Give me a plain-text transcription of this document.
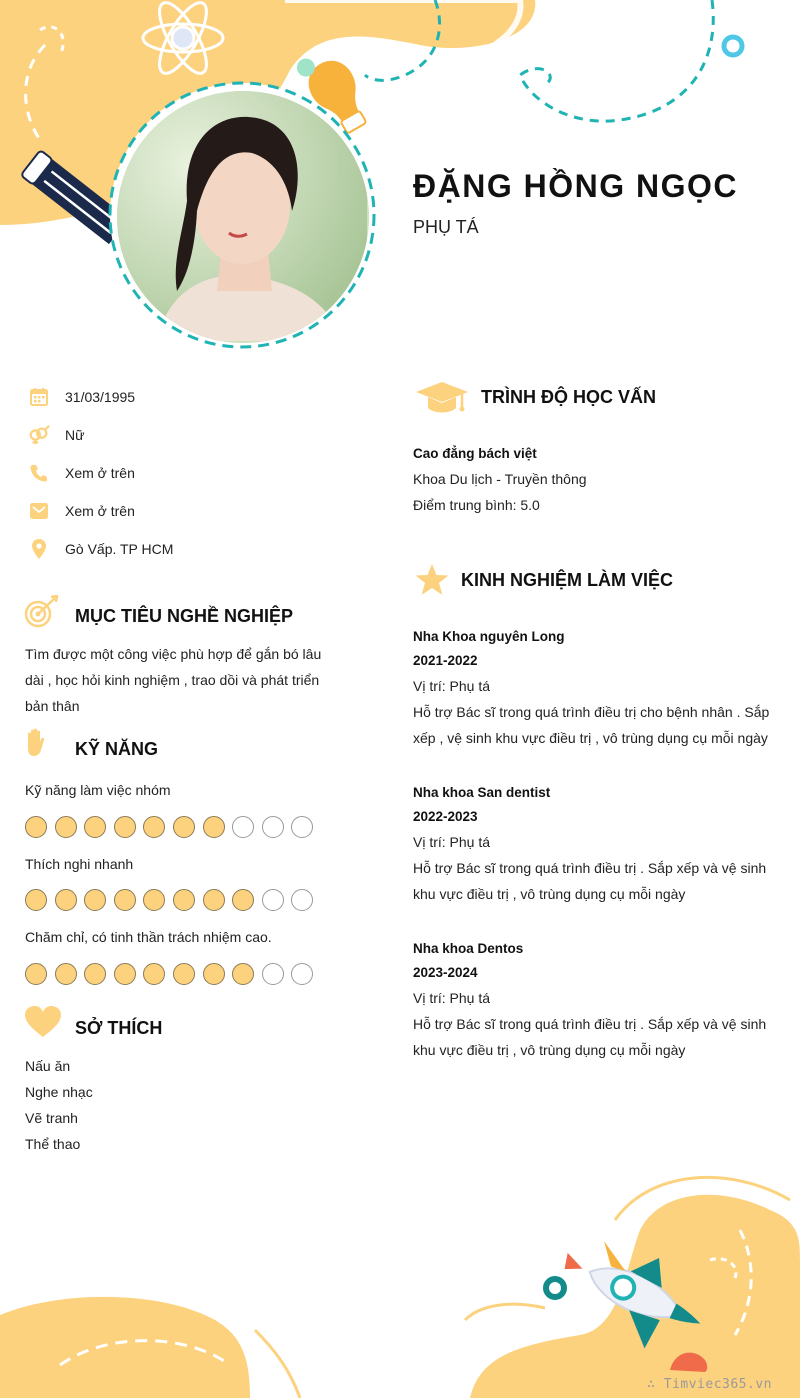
ĐẶNG HỒNG NGỌC
PHỤ TÁ
31/03/1995
Nữ
Xem ở trên
Xem ở trên
Gò Vấp. TP HCM
MỤC TIÊU NGHỀ NGHIỆP
Tìm được một công việc phù hợp để gắn bó lâu
dài , học hỏi kinh nghiệm , trao dồi và phát triển
bản thân
KỸ NĂNG
Kỹ năng làm việc nhóm
Thích nghi nhanh
Chăm chỉ, có tinh thần trách nhiệm cao.
SỞ THÍCH
Nấu ăn
Nghe nhạc
Vẽ tranh
Thể thao
TRÌNH ĐỘ HỌC VẤN
Cao đẳng bách việt
Khoa Du lịch - Truyền thông
Điểm trung bình: 5.0
KINH NGHIỆM LÀM VIỆC
Nha Khoa nguyên Long
2021-2022
Vị trí: Phụ tá
Hỗ trợ Bác sĩ trong quá trình điều trị cho bệnh nhân . Sắp
xếp , vệ sinh khu vực điều trị , vô trùng dụng cụ mỗi ngày
Nha khoa San dentist
2022-2023
Vị trí: Phụ tá
Hỗ trợ Bác sĩ trong quá trình điều trị . Sắp xếp và vệ sinh
khu vực điều trị , vô trùng dụng cụ mỗi ngày
Nha khoa Dentos
2023-2024
Vị trí: Phụ tá
Hỗ trợ Bác sĩ trong quá trình điều trị . Sắp xếp và vệ sinh
khu vực điều trị , vô trùng dụng cụ mỗi ngày
∴ Timviec365.vn
